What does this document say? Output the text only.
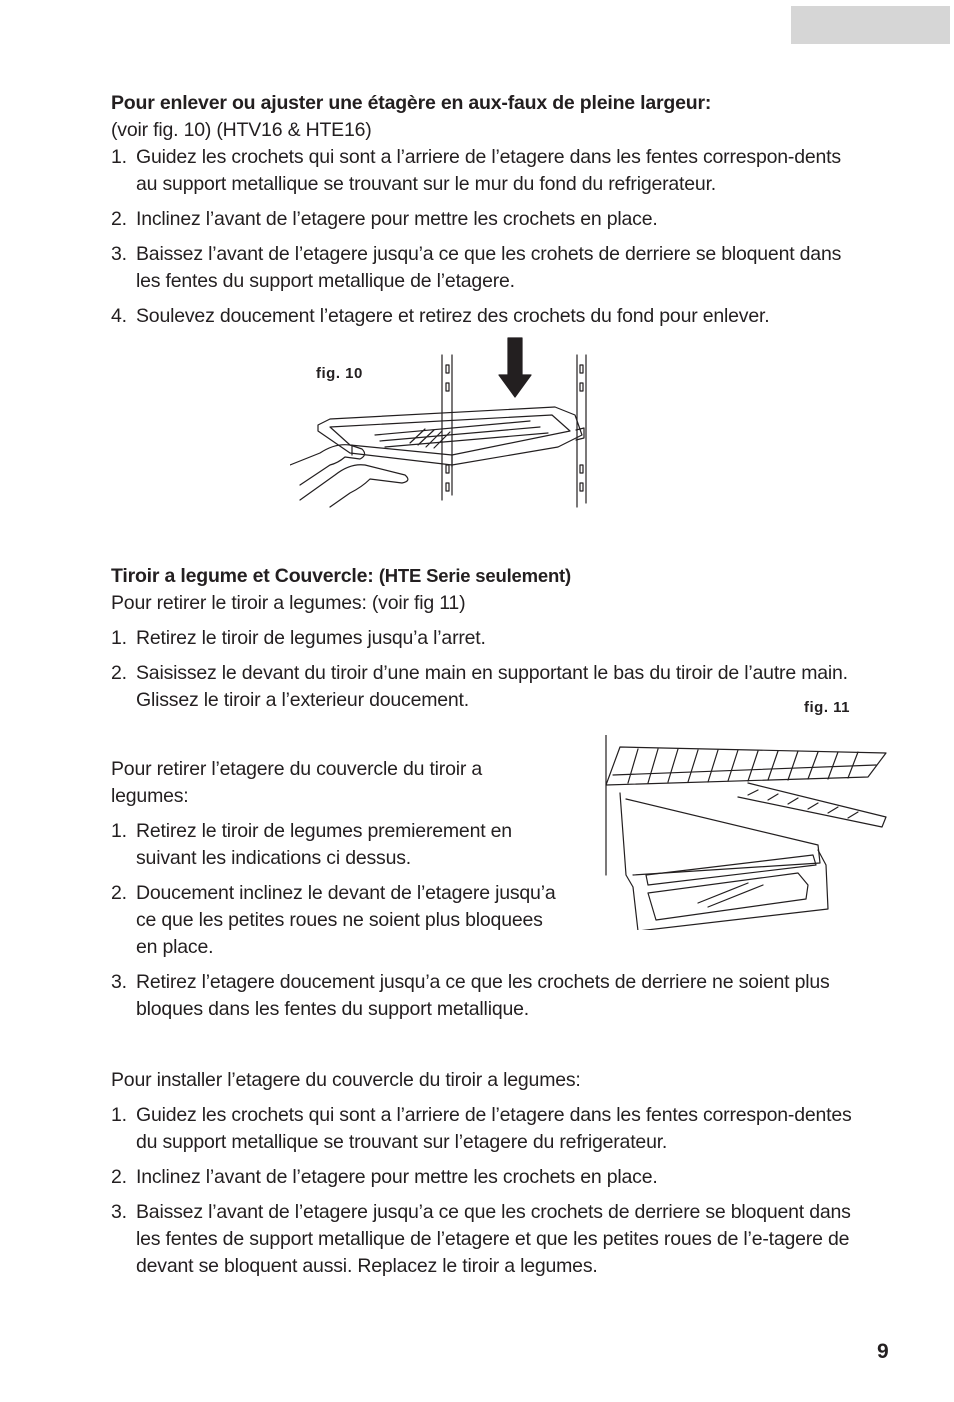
Pour enlever ou ajuster une étagère en aux-faux de pleine largeur:
(voir fig. 10) (HTV16 & HTE16)
1. Guidez les crochets qui sont a l’arriere de l’etagere dans les fentes correspon-dents au support metallique se trouvant sur le mur du fond du refrigerateur.
2. Inclinez l’avant de l’etagere pour mettre les crochets en place.
3. Baissez l’avant de l’etagere jusqu’a ce que les crohets de derriere se bloquent dans les fentes du support metallique de l’etagere.
4. Soulevez doucement l’etagere et retirez des crochets du fond pour enlever.
fig. 10
Tiroir a legume et Couvercle: (HTE Serie seulement)
Pour retirer le tiroir a legumes: (voir fig 11)
1. Retirez le tiroir de legumes jusqu’a l’arret.
2. Saisissez le devant du tiroir d’une main en supportant le bas du tiroir de l’autre main. Glissez le tiroir a l’exterieur doucement.	fig. 11
Pour retirer l’etagere du couvercle du tiroir a legumes:
1. Retirez le tiroir de legumes premierement en suivant les indications ci dessus.
2. Doucement inclinez le devant de l’etagere jusqu’a ce que les petites roues ne soient plus bloquees en place.
3. Retirez l’etagere doucement jusqu’a ce que les crochets de derriere ne soient plus bloques dans les fentes du support metallique.
Pour installer l’etagere du couvercle du tiroir a legumes:
1. Guidez les crochets qui sont a l’arriere de l’etagere dans les fentes correspon-dentes du support metallique se trouvant sur l’etagere du refrigerateur.
2. Inclinez l’avant de l’etagere pour mettre les crochets en place.
3. Baissez l’avant de l’etagere jusqu’a ce que les crochets de derriere se bloquent dans les fentes de support metallique de l’etagere et que les petites roues de l’e-tagere de devant se bloquent aussi. Replacez le tiroir a legumes.
9
